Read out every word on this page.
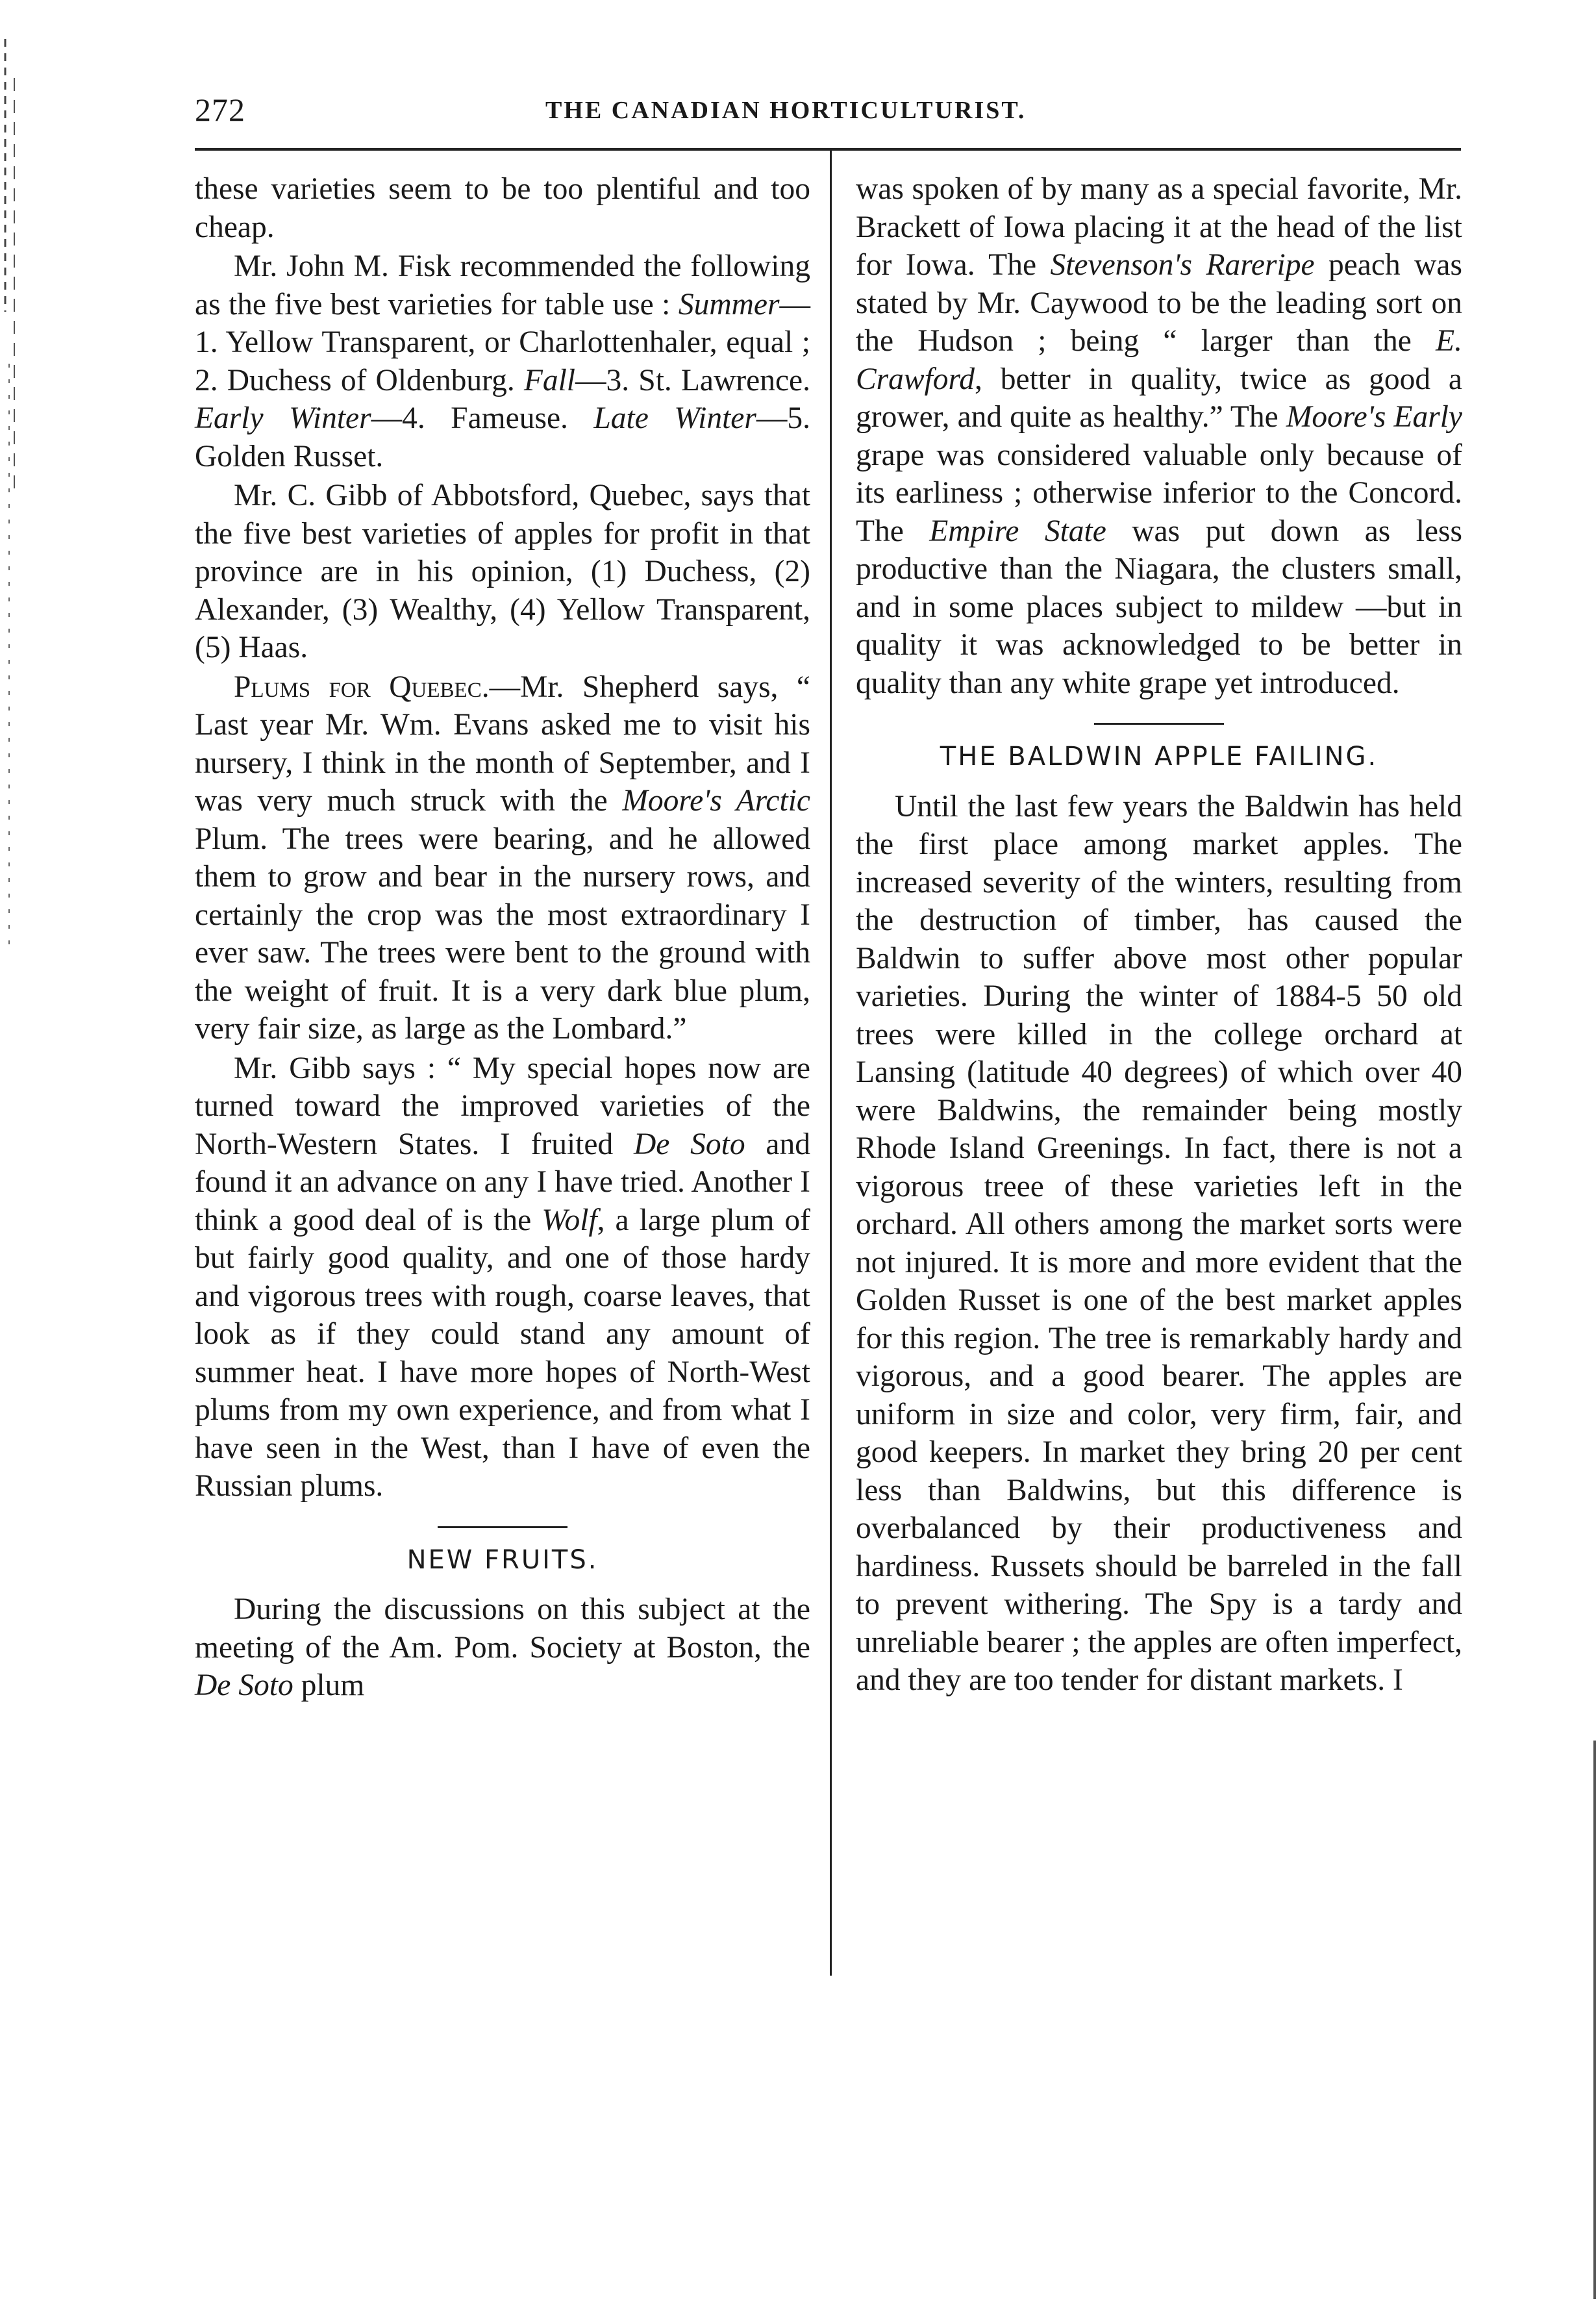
272	THE CANADIAN HORTICULTURIST.

these varieties seem to be too plentiful and too cheap.

Mr. John M. Fisk recommended the following as the five best varieties for table use : Summer—1. Yellow Transparent, or Charlottenhaler, equal ; 2. Duchess of Oldenburg. Fall—3. St. Lawrence. Early Winter—4. Fameuse. Late Winter—5. Golden Russet.

Mr. C. Gibb of Abbotsford, Quebec, says that the five best varieties of apples for profit in that province are in his opinion, (1) Duchess, (2) Alexander, (3) Wealthy, (4) Yellow Transparent, (5) Haas.

Plums for Quebec.—Mr. Shepherd says, “ Last year Mr. Wm. Evans asked me to visit his nursery, I think in the month of September, and I was very much struck with the Moore's Arctic Plum. The trees were bearing, and he allowed them to grow and bear in the nursery rows, and certainly the crop was the most extraordinary I ever saw. The trees were bent to the ground with the weight of fruit. It is a very dark blue plum, very fair size, as large as the Lombard.”

Mr. Gibb says : “ My special hopes now are turned toward the improved varieties of the North-Western States. I fruited De Soto and found it an advance on any I have tried. Another I think a good deal of is the Wolf, a large plum of but fairly good quality, and one of those hardy and vigorous trees with rough, coarse leaves, that look as if they could stand any amount of summer heat. I have more hopes of North-West plums from my own experience, and from what I have seen in the West, than I have of even the Russian plums.

NEW FRUITS.

During the discussions on this subject at the meeting of the Am. Pom. Society at Boston, the De Soto plum

was spoken of by many as a special favorite, Mr. Brackett of Iowa placing it at the head of the list for Iowa. The Stevenson's Rareripe peach was stated by Mr. Caywood to be the leading sort on the Hudson ; being “ larger than the E. Crawford, better in quality, twice as good a grower, and quite as healthy.” The Moore's Early grape was considered valuable only because of its earliness ; otherwise inferior to the Concord. The Empire State was put down as less productive than the Niagara, the clusters small, and in some places subject to mildew —but in quality it was acknowledged to be better in quality than any white grape yet introduced.

THE BALDWIN APPLE FAILING.

Until the last few years the Baldwin has held the first place among market apples. The increased severity of the winters, resulting from the destruction of timber, has caused the Baldwin to suffer above most other popular varieties. During the winter of 1884-5 50 old trees were killed in the college orchard at Lansing (latitude 40 degrees) of which over 40 were Baldwins, the remainder being mostly Rhode Island Greenings. In fact, there is not a vigorous treee of these varieties left in the orchard. All others among the market sorts were not injured. It is more and more evident that the Golden Russet is one of the best market apples for this region. The tree is remarkably hardy and vigorous, and a good bearer. The apples are uniform in size and color, very firm, fair, and good keepers. In market they bring 20 per cent less than Baldwins, but this difference is overbalanced by their productiveness and hardiness. Russets should be barreled in the fall to prevent withering. The Spy is a tardy and unreliable bearer ; the apples are often imperfect, and they are too tender for distant markets. I
